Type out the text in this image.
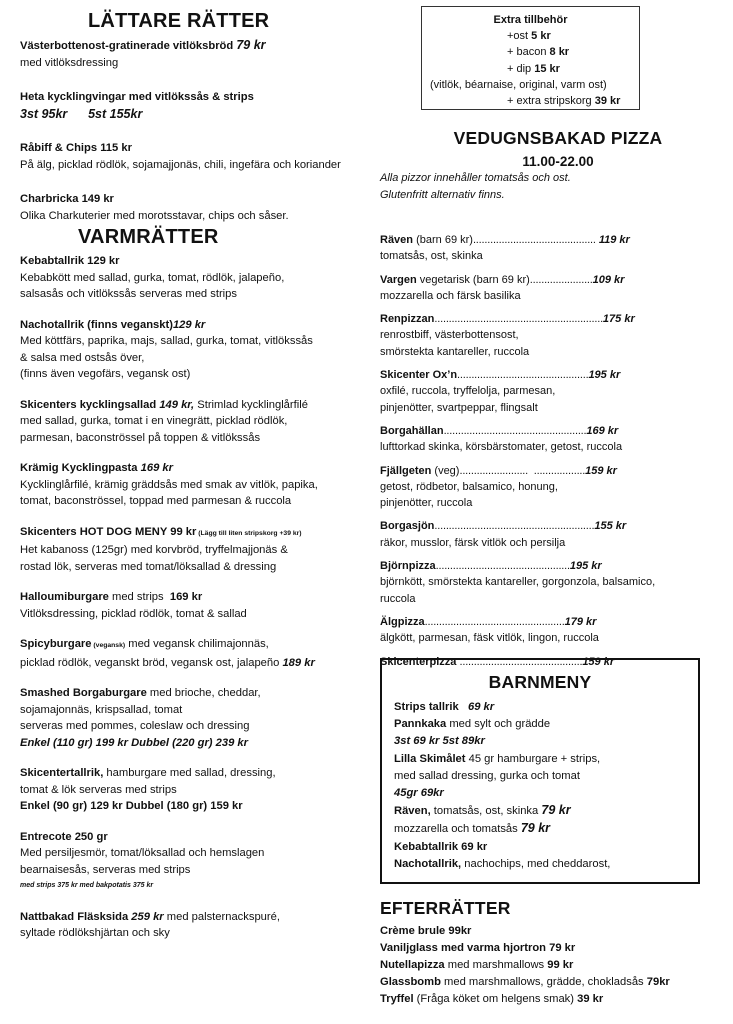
LÄTTARE RÄTTER
Västerbottenost-gratinerade vitlöksbröd 79 kr
med vitlöksdressing
Heta kycklingvingar med vitlökssås & strips
3st 95kr      5st 155kr
Råbiff & Chips 115 kr
På älg, picklad rödlök, sojamajjonäs, chili, ingefära och koriander
Charbricka 149 kr
Olika Charkuterier med morotsstavar, chips och såser.
VARMRÄTTER
Kebabtallrik 129 kr
Kebabkött med sallad, gurka, tomat, rödlök, jalapeño,
salsasås och vitlökssås serveras med strips
Nachotallrik (finns veganskt)129 kr
Med köttfärs, paprika, majs, sallad, gurka, tomat, vitlökssås
& salsa med ostsås över,
(finns även vegofärs, vegansk ost)
Skicenters kycklingsallad 149 kr, Strimlad kycklinglårfilé
med sallad, gurka, tomat i en vinegrätt, picklad rödlök,
parmesan, baconströssel på toppen & vitlökssås
Krämig Kycklingpasta 169 kr
Kycklinglårfilé, krämig gräddsås med smak av vitlök, papika,
tomat, baconströssel, toppad med parmesan & ruccola
Skicenters HOT DOG MENY 99 kr (Lägg till liten stripskorg +39 kr)
Het kabanoss (125gr) med korvbröd, tryffelmajjonäs &
rostad lök, serveras med tomat/löksallad & dressing
Halloumiburgare med strips  169 kr
Vitlöksdressing, picklad rödlök, tomat & sallad
Spicyburgare (vegansk) med vegansk chilimajonnäs,
picklad rödlök, veganskt bröd, vegansk ost, jalapeño 189 kr
Smashed Borgaburgare med brioche, cheddar,
sojamajonnäs, krispsallad, tomat
serveras med pommes, coleslaw och dressing
Enkel (110 gr) 199 kr Dubbel (220 gr) 239 kr
Skicentertallrik, hamburgare med sallad, dressing,
tomat & lök serveras med strips
Enkel (90 gr) 129 kr Dubbel (180 gr) 159 kr
Entrecote 250 gr
Med persiljesmör, tomat/löksallad och hemslagen
bearnaisesås, serveras med strips
med strips 375 kr med bakpotatis 375 kr
Nattbakad Fläsksida 259 kr med palsternackspuré,
syltade rödlökshjärtan och sky
Extra tillbehör
+ost 5 kr
+ bacon 8 kr
+ dip 15 kr
(vitlök, béarnaise, original, varm ost)
+ extra stripskorg 39 kr
VEDUGNSBAKAD PIZZA
11.00-22.00
Alla pizzor innehåller tomatsås och ost.
Glutenfritt alternativ finns.
Räven (barn 69 kr)........................................... 119 kr
tomatsås, ost, skinka
Vargen vegetarisk (barn 69 kr)......................109 kr
mozzarella och färsk basilika
Renpizzan...........................................................175 kr
renrostbiff, västerbottensost,
smörstekta kantareller, ruccola
Skicenter Ox’n..............................................195 kr
oxfilé, ruccola, tryffelolja, parmesan,
pinjenötter, svartpeppar, flingsalt
Borgahällan..................................................169 kr
lufttorkad skinka, körsbärstomater, getost, ruccola
Fjällgeten (veg)........................  ..................159 kr
getost, rödbetor, balsamico, honung,
pinjenötter, ruccola
Borgasjön........................................................155 kr
räkor, musslor, färsk vitlök och persilja
Björnpizza...............................................195 kr
björnkött, smörstekta kantareller, gorgonzola, balsamico,
ruccola
Älgpizza.................................................179 kr
älgkött, parmesan, fäsk vitlök, lingon, ruccola
Skicenterpizza ...........................................159 kr
BARNMENY
Strips tallrik   69 kr
Pannkaka med sylt och grädde
3st 69 kr 5st 89kr
Lilla Skimålet 45 gr hamburgare + strips,
med sallad dressing, gurka och tomat
45gr 69kr
Räven, tomatsås, ost, skinka 79 kr
mozzarella och tomatsås 79 kr
Kebabtallrik 69 kr
Nachotallrik, nachochips, med cheddarost,
EFTERRÄTTER
Crème brule 99kr
Vaniljglass med varma hjortron 79 kr
Nutellapizza med marshmallows 99 kr
Glassbomb med marshmallows, grädde, chokladsås 79kr
Tryffel (Fråga köket om helgens smak) 39 kr
